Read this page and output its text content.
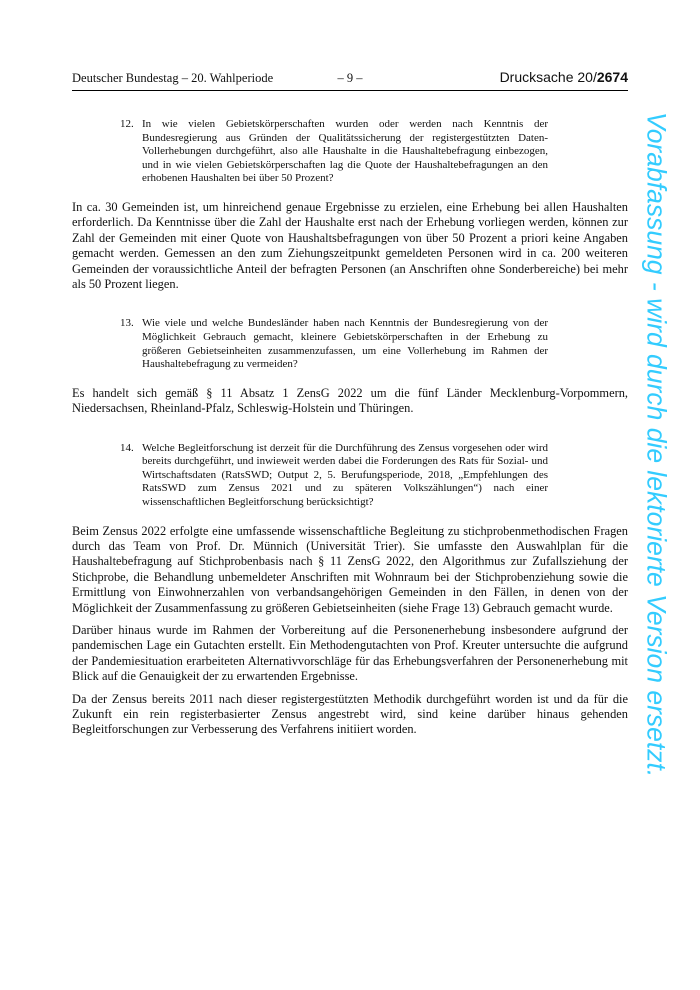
Deutscher Bundestag – 20. Wahlperiode	– 9 –	Drucksache 20/2674
Vorabfassung - wird durch die lektorierte Version ersetzt.
12. In wie vielen Gebietskörperschaften wurden oder werden nach Kenntnis der Bundesregierung aus Gründen der Qualitätssicherung der registergestützten Daten-Vollerhebungen durchgeführt, also alle Haushalte in die Haushaltebefragung einbezogen, und in wie vielen Gebietskörperschaften lag die Quote der Haushaltebefragungen an den erhobenen Haushalten bei über 50 Prozent?

In ca. 30 Gemeinden ist, um hinreichend genaue Ergebnisse zu erzielen, eine Erhebung bei allen Haushalten erforderlich. Da Kenntnisse über die Zahl der Haushalte erst nach der Erhebung vorliegen werden, können zur Zahl der Gemeinden mit einer Quote von Haushaltsbefragungen von über 50 Prozent a priori keine Angaben gemacht werden. Gemessen an den zum Ziehungszeitpunkt gemeldeten Personen wird in ca. 200 weiteren Gemeinden der voraussichtliche Anteil der befragten Personen (an Anschriften ohne Sonderbereiche) bei mehr als 50 Prozent liegen.

13. Wie viele und welche Bundesländer haben nach Kenntnis der Bundesregierung von der Möglichkeit Gebrauch gemacht, kleinere Gebietskörperschaften in der Erhebung zu größeren Gebietseinheiten zusammenzufassen, um eine Vollerhebung im Rahmen der Haushaltebefragung zu vermeiden?

Es handelt sich gemäß § 11 Absatz 1 ZensG 2022 um die fünf Länder Mecklenburg-Vorpommern, Niedersachsen, Rheinland-Pfalz, Schleswig-Holstein und Thüringen.

14. Welche Begleitforschung ist derzeit für die Durchführung des Zensus vorgesehen oder wird bereits durchgeführt, und inwieweit werden dabei die Forderungen des Rats für Sozial- und Wirtschaftsdaten (RatsSWD; Output 2, 5. Berufungsperiode, 2018, „Empfehlungen des RatsSWD zum Zensus 2021 und zu späteren Volkszählungen“) nach einer wissenschaftlichen Begleitforschung berücksichtigt?

Beim Zensus 2022 erfolgte eine umfassende wissenschaftliche Begleitung zu stichprobenmethodischen Fragen durch das Team von Prof. Dr. Münnich (Universität Trier). Sie umfasste den Auswahlplan für die Haushaltebefragung auf Stichprobenbasis nach § 11 ZensG 2022, den Algorithmus zur Zufallsziehung der Stichprobe, die Behandlung unbemeldeter Anschriften mit Wohnraum bei der Stichprobenziehung sowie die Ermittlung von Einwohnerzahlen von verbandsangehörigen Gemeinden in den Fällen, in denen von der Möglichkeit der Zusammenfassung zu größeren Gebietseinheiten (siehe Frage 13) Gebrauch gemacht wurde.

Darüber hinaus wurde im Rahmen der Vorbereitung auf die Personenerhebung insbesondere aufgrund der pandemischen Lage ein Gutachten erstellt. Ein Methodengutachten von Prof. Kreuter untersuchte die aufgrund der Pandemiesituation erarbeiteten Alternativvorschläge für das Erhebungsverfahren der Personenerhebung mit Blick auf die Genauigkeit der zu erwartenden Ergebnisse.

Da der Zensus bereits 2011 nach dieser registergestützten Methodik durchgeführt worden ist und da für die Zukunft ein rein registerbasierter Zensus angestrebt wird, sind keine darüber hinaus gehenden Begleitforschungen zur Verbesserung des Verfahrens initiiert worden.
